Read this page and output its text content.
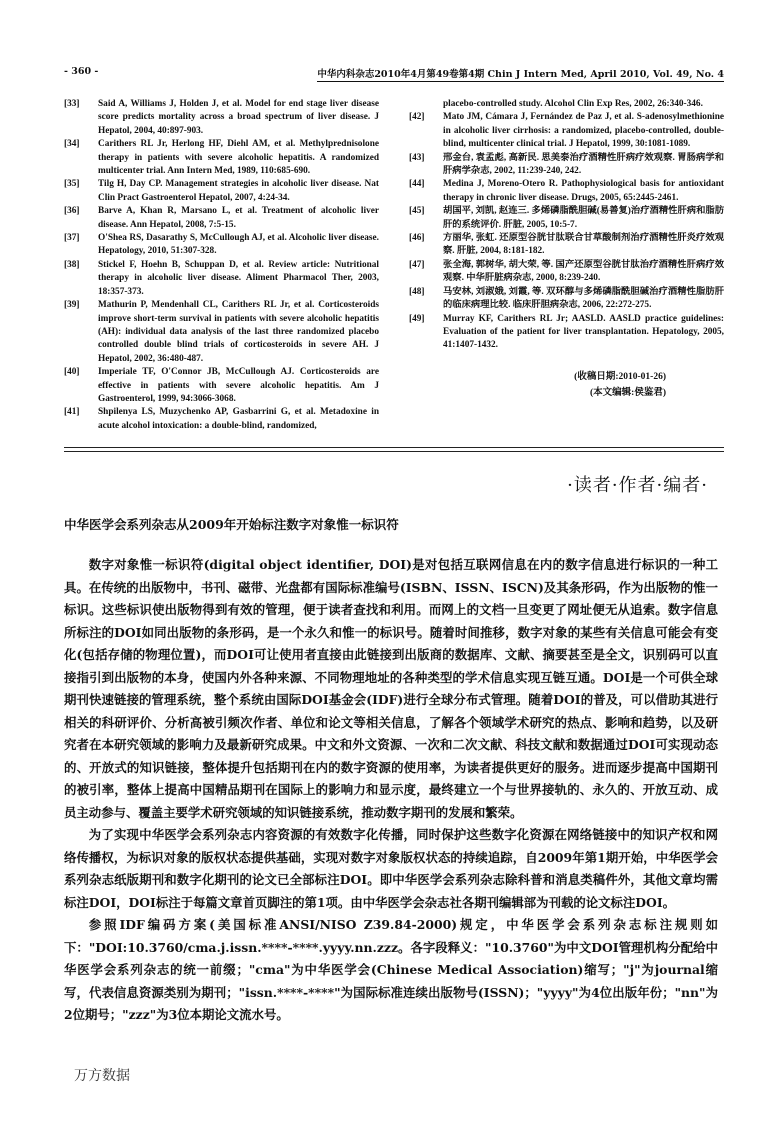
- 360 -	中华内科杂志2010年4月第49卷第4期 Chin J Intern Med, April 2010, Vol. 49, No. 4
[33]	Said A, Williams J, Holden J, et al. Model for end stage liver disease score predicts mortality across a broad spectrum of liver disease. J Hepatol, 2004, 40:897-903.
[34]	Carithers RL Jr, Herlong HF, Diehl AM, et al. Methylprednisolone therapy in patients with severe alcoholic hepatitis. A randomized multicenter trial. Ann Intern Med, 1989, 110:685-690.
[35]	Tilg H, Day CP. Management strategies in alcoholic liver disease. Nat Clin Pract Gastroenterol Hepatol, 2007, 4:24-34.
[36]	Barve A, Khan R, Marsano L, et al. Treatment of alcoholic liver disease. Ann Hepatol, 2008, 7:5-15.
[37]	O'Shea RS, Dasarathy S, McCullough AJ, et al. Alcoholic liver disease. Hepatology, 2010, 51:307-328.
[38]	Stickel F, Hoehn B, Schuppan D, et al. Review article: Nutritional therapy in alcoholic liver disease. Aliment Pharmacol Ther, 2003, 18:357-373.
[39]	Mathurin P, Mendenhall CL, Carithers RL Jr, et al. Corticosteroids improve short-term survival in patients with severe alcoholic hepatitis (AH): individual data analysis of the last three randomized placebo controlled double blind trials of corticosteroids in severe AH. J Hepatol, 2002, 36:480-487.
[40]	Imperiale TF, O'Connor JB, McCullough AJ. Corticosteroids are effective in patients with severe alcoholic hepatitis. Am J Gastroenterol, 1999, 94:3066-3068.
[41]	Shpilenya LS, Muzychenko AP, Gasbarrini G, et al. Metadoxine in acute alcohol intoxication: a double-blind, randomized,
placebo-controlled study. Alcohol Clin Exp Res, 2002, 26:340-346.
[42]	Mato JM, Cámara J, Fernández de Paz J, et al. S-adenosylmethionine in alcoholic liver cirrhosis: a randomized, placebo-controlled, double-blind, multicenter clinical trial. J Hepatol, 1999, 30:1081-1089.
[43]	邢金台, 袁孟彪, 高新民. 思美泰治疗酒精性肝病疗效观察. 胃肠病学和肝病学杂志, 2002, 11:239-240, 242.
[44]	Medina J, Moreno-Otero R. Pathophysiological basis for antioxidant therapy in chronic liver disease. Drugs, 2005, 65:2445-2461.
[45]	胡国平, 刘凯, 赵连三. 多烯磷脂酰胆碱(易善复)治疗酒精性肝病和脂肪肝的系统评价. 肝脏, 2005, 10:5-7.
[46]	方丽华, 张虹. 还原型谷胱甘肽联合甘草酸制剂治疗酒精性肝炎疗效观察. 肝脏, 2004, 8:181-182.
[47]	张全海, 郭树华, 胡大荣, 等. 国产还原型谷胱甘肽治疗酒精性肝病疗效观察. 中华肝脏病杂志, 2000, 8:239-240.
[48]	马安林, 刘淑娥, 刘霞, 等. 双环醇与多烯磷脂酰胆碱治疗酒精性脂肪肝的临床病理比较. 临床肝胆病杂志, 2006, 22:272-275.
[49]	Murray KF, Carithers RL Jr; AASLD. AASLD practice guidelines: Evaluation of the patient for liver transplantation. Hepatology, 2005, 41:1407-1432.
(收稿日期:2010-01-26)
(本文编辑:侯鉴君)
·读者·作者·编者·
中华医学会系列杂志从2009年开始标注数字对象惟一标识符

数字对象惟一标识符(digital object identifier, DOI)是对包括互联网信息在内的数字信息进行标识的一种工具。在传统的出版物中，书刊、磁带、光盘都有国际标准编号(ISBN、ISSN、ISCN)及其条形码，作为出版物的惟一标识。这些标识使出版物得到有效的管理，便于读者查找和利用。而网上的文档一旦变更了网址便无从追索。数字信息所标注的DOI如同出版物的条形码，是一个永久和惟一的标识号。随着时间推移，数字对象的某些有关信息可能会有变化(包括存储的物理位置)，而DOI可让使用者直接由此链接到出版商的数据库、文献、摘要甚至是全文，识别码可以直接指引到出版物的本身，使国内外各种来源、不同物理地址的各种类型的学术信息实现互链互通。DOI是一个可供全球期刊快速链接的管理系统，整个系统由国际DOI基金会(IDF)进行全球分布式管理。随着DOI的普及，可以借助其进行相关的科研评价、分析高被引频次作者、单位和论文等相关信息，了解各个领域学术研究的热点、影响和趋势，以及研究者在本研究领域的影响力及最新研究成果。中文和外文资源、一次和二次文献、科技文献和数据通过DOI可实现动态的、开放式的知识链接，整体提升包括期刊在内的数字资源的使用率，为读者提供更好的服务。进而逐步提高中国期刊的被引率，整体上提高中国精品期刊在国际上的影响力和显示度，最终建立一个与世界接轨的、永久的、开放互动、成员主动参与、覆盖主要学术研究领域的知识链接系统，推动数字期刊的发展和繁荣。

为了实现中华医学会系列杂志内容资源的有效数字化传播，同时保护这些数字化资源在网络链接中的知识产权和网络传播权，为标识对象的版权状态提供基础，实现对数字对象版权状态的持续追踪，自2009年第1期开始，中华医学会系列杂志纸版期刊和数字化期刊的论文已全部标注DOI。即中华医学会系列杂志除科普和消息类稿件外，其他文章均需标注DOI，DOI标注于每篇文章首页脚注的第1项。由中华医学会杂志社各期刊编辑部为刊载的论文标注DOI。

参照IDF编码方案(美国标准ANSI/NISO Z39.84-2000)规定，中华医学会系列杂志标注规则如下："DOI:10.3760/cma.j.issn.****-****.yyyy.nn.zzz。各字段释义："10.3760"为中文DOI管理机构分配给中华医学会系列杂志的统一前缀；"cma"为中华医学会(Chinese Medical Association)缩写；"j"为journal缩写，代表信息资源类别为期刊；"issn.****-****"为国际标准连续出版物号(ISSN)；"yyyy"为4位出版年份；"nn"为2位期号；"zzz"为3位本期论文流水号。

万方数据
